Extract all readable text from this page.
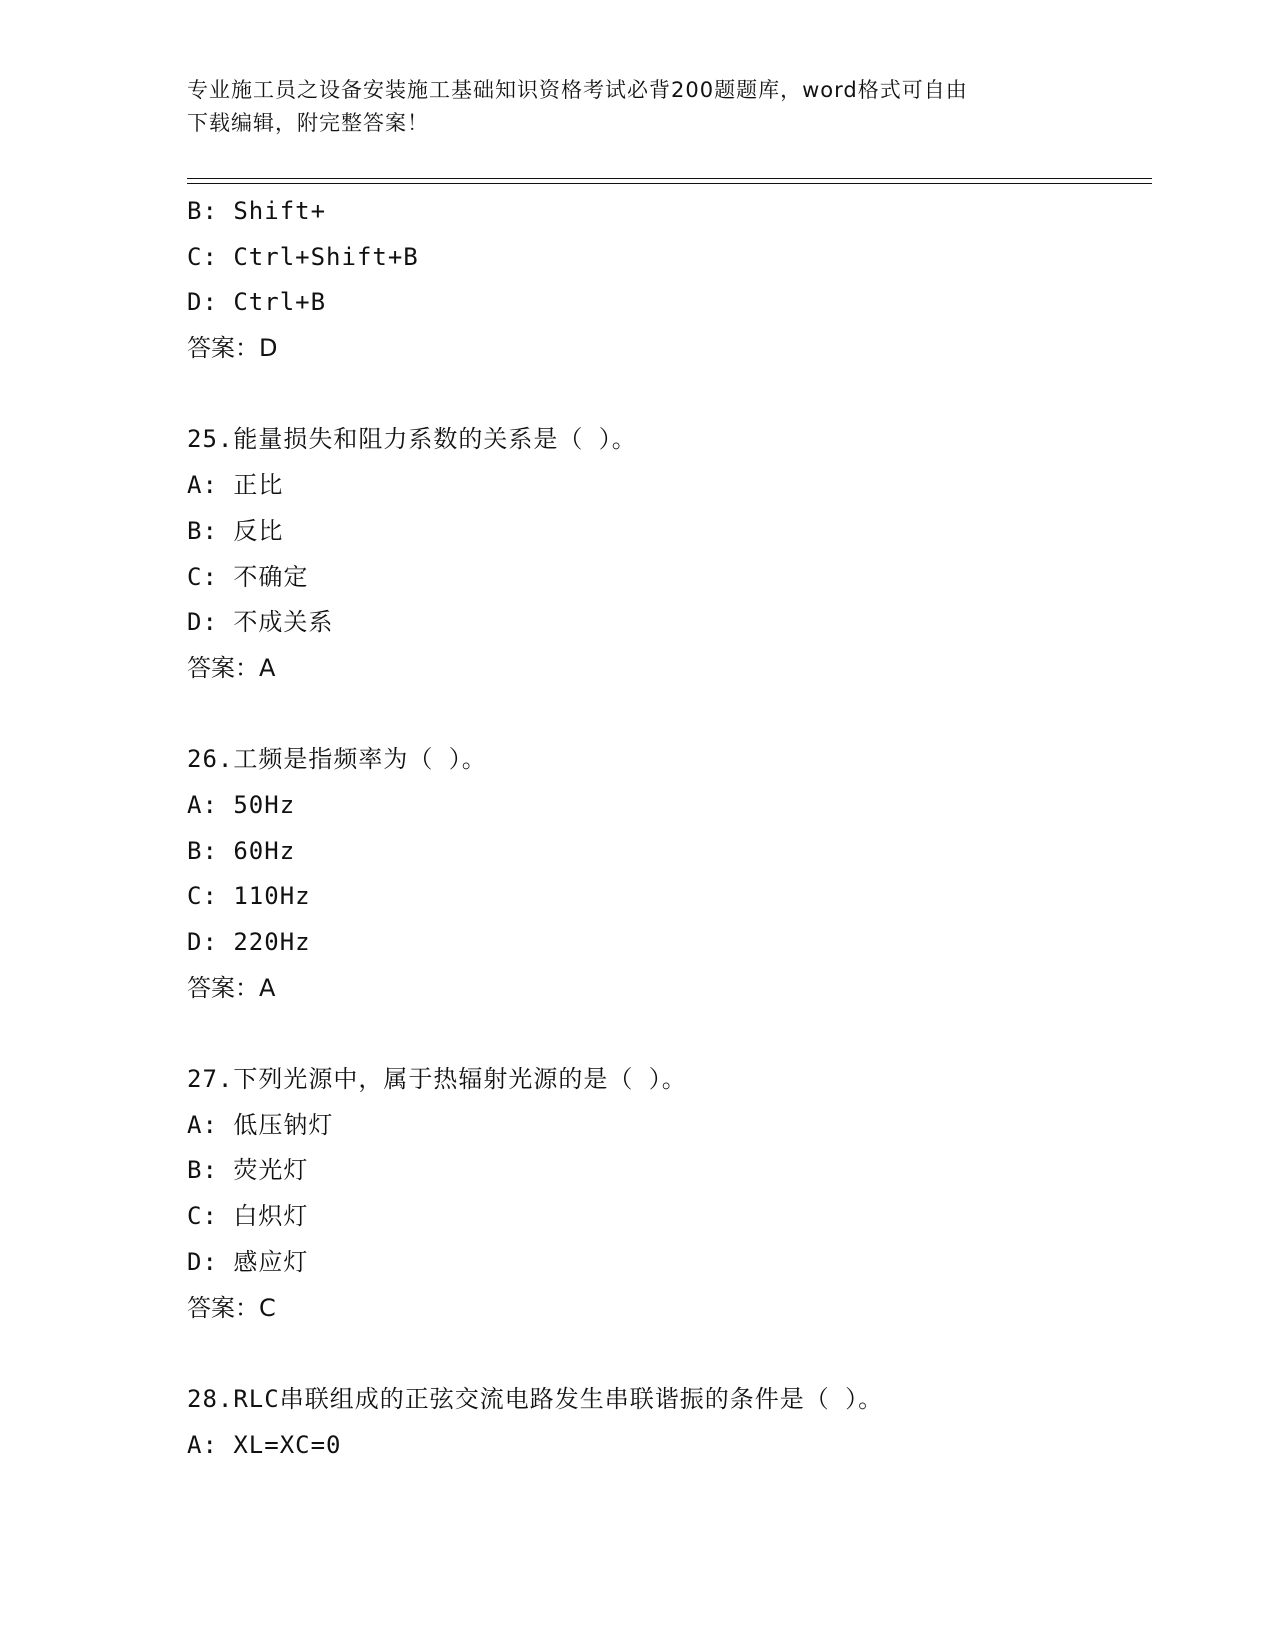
专业施工员之设备安装施工基础知识资格考试必背200题题库，word格式可自由
下载编辑，附完整答案！
B: Shift+
C: Ctrl+Shift+B
D: Ctrl+B
答案：D
25.能量损失和阻力系数的关系是（ ）。
A: 正比
B: 反比
C: 不确定
D: 不成关系
答案：A
26.工频是指频率为（ ）。
A: 50Hz
B: 60Hz
C: 110Hz
D: 220Hz
答案：A
27.下列光源中，属于热辐射光源的是（ ）。
A: 低压钠灯
B: 荧光灯
C: 白炽灯
D: 感应灯
答案：C
28.RLC串联组成的正弦交流电路发生串联谐振的条件是（ ）。
A: XL=XC=0
